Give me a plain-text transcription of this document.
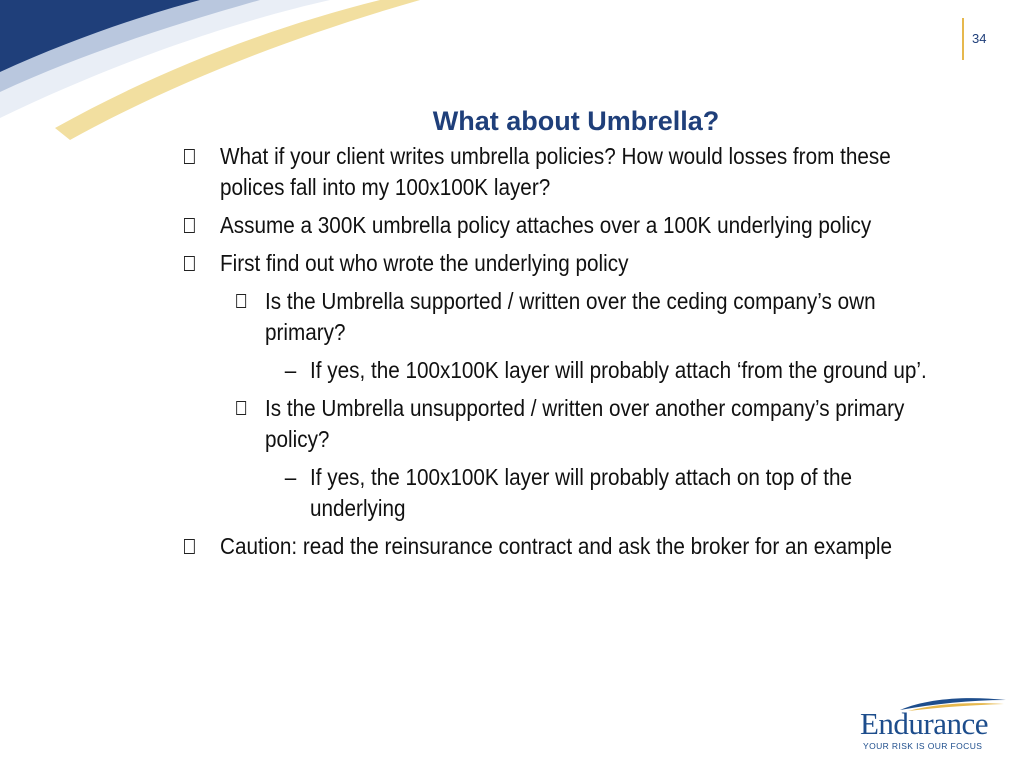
34
What about Umbrella?
What if your client writes umbrella policies? How would losses from these polices fall into my 100x100K layer?
Assume a 300K umbrella policy attaches over a 100K underlying policy
First find out who wrote the underlying policy
Is the Umbrella supported / written over the ceding company’s own primary?
– If yes, the 100x100K layer will probably attach ‘from the ground up’.
Is the Umbrella unsupported / written over another company’s primary policy?
– If yes, the 100x100K layer will probably attach on top of the underlying
Caution: read the reinsurance contract and ask the broker for an example
Endurance
YOUR RISK IS OUR FOCUS
